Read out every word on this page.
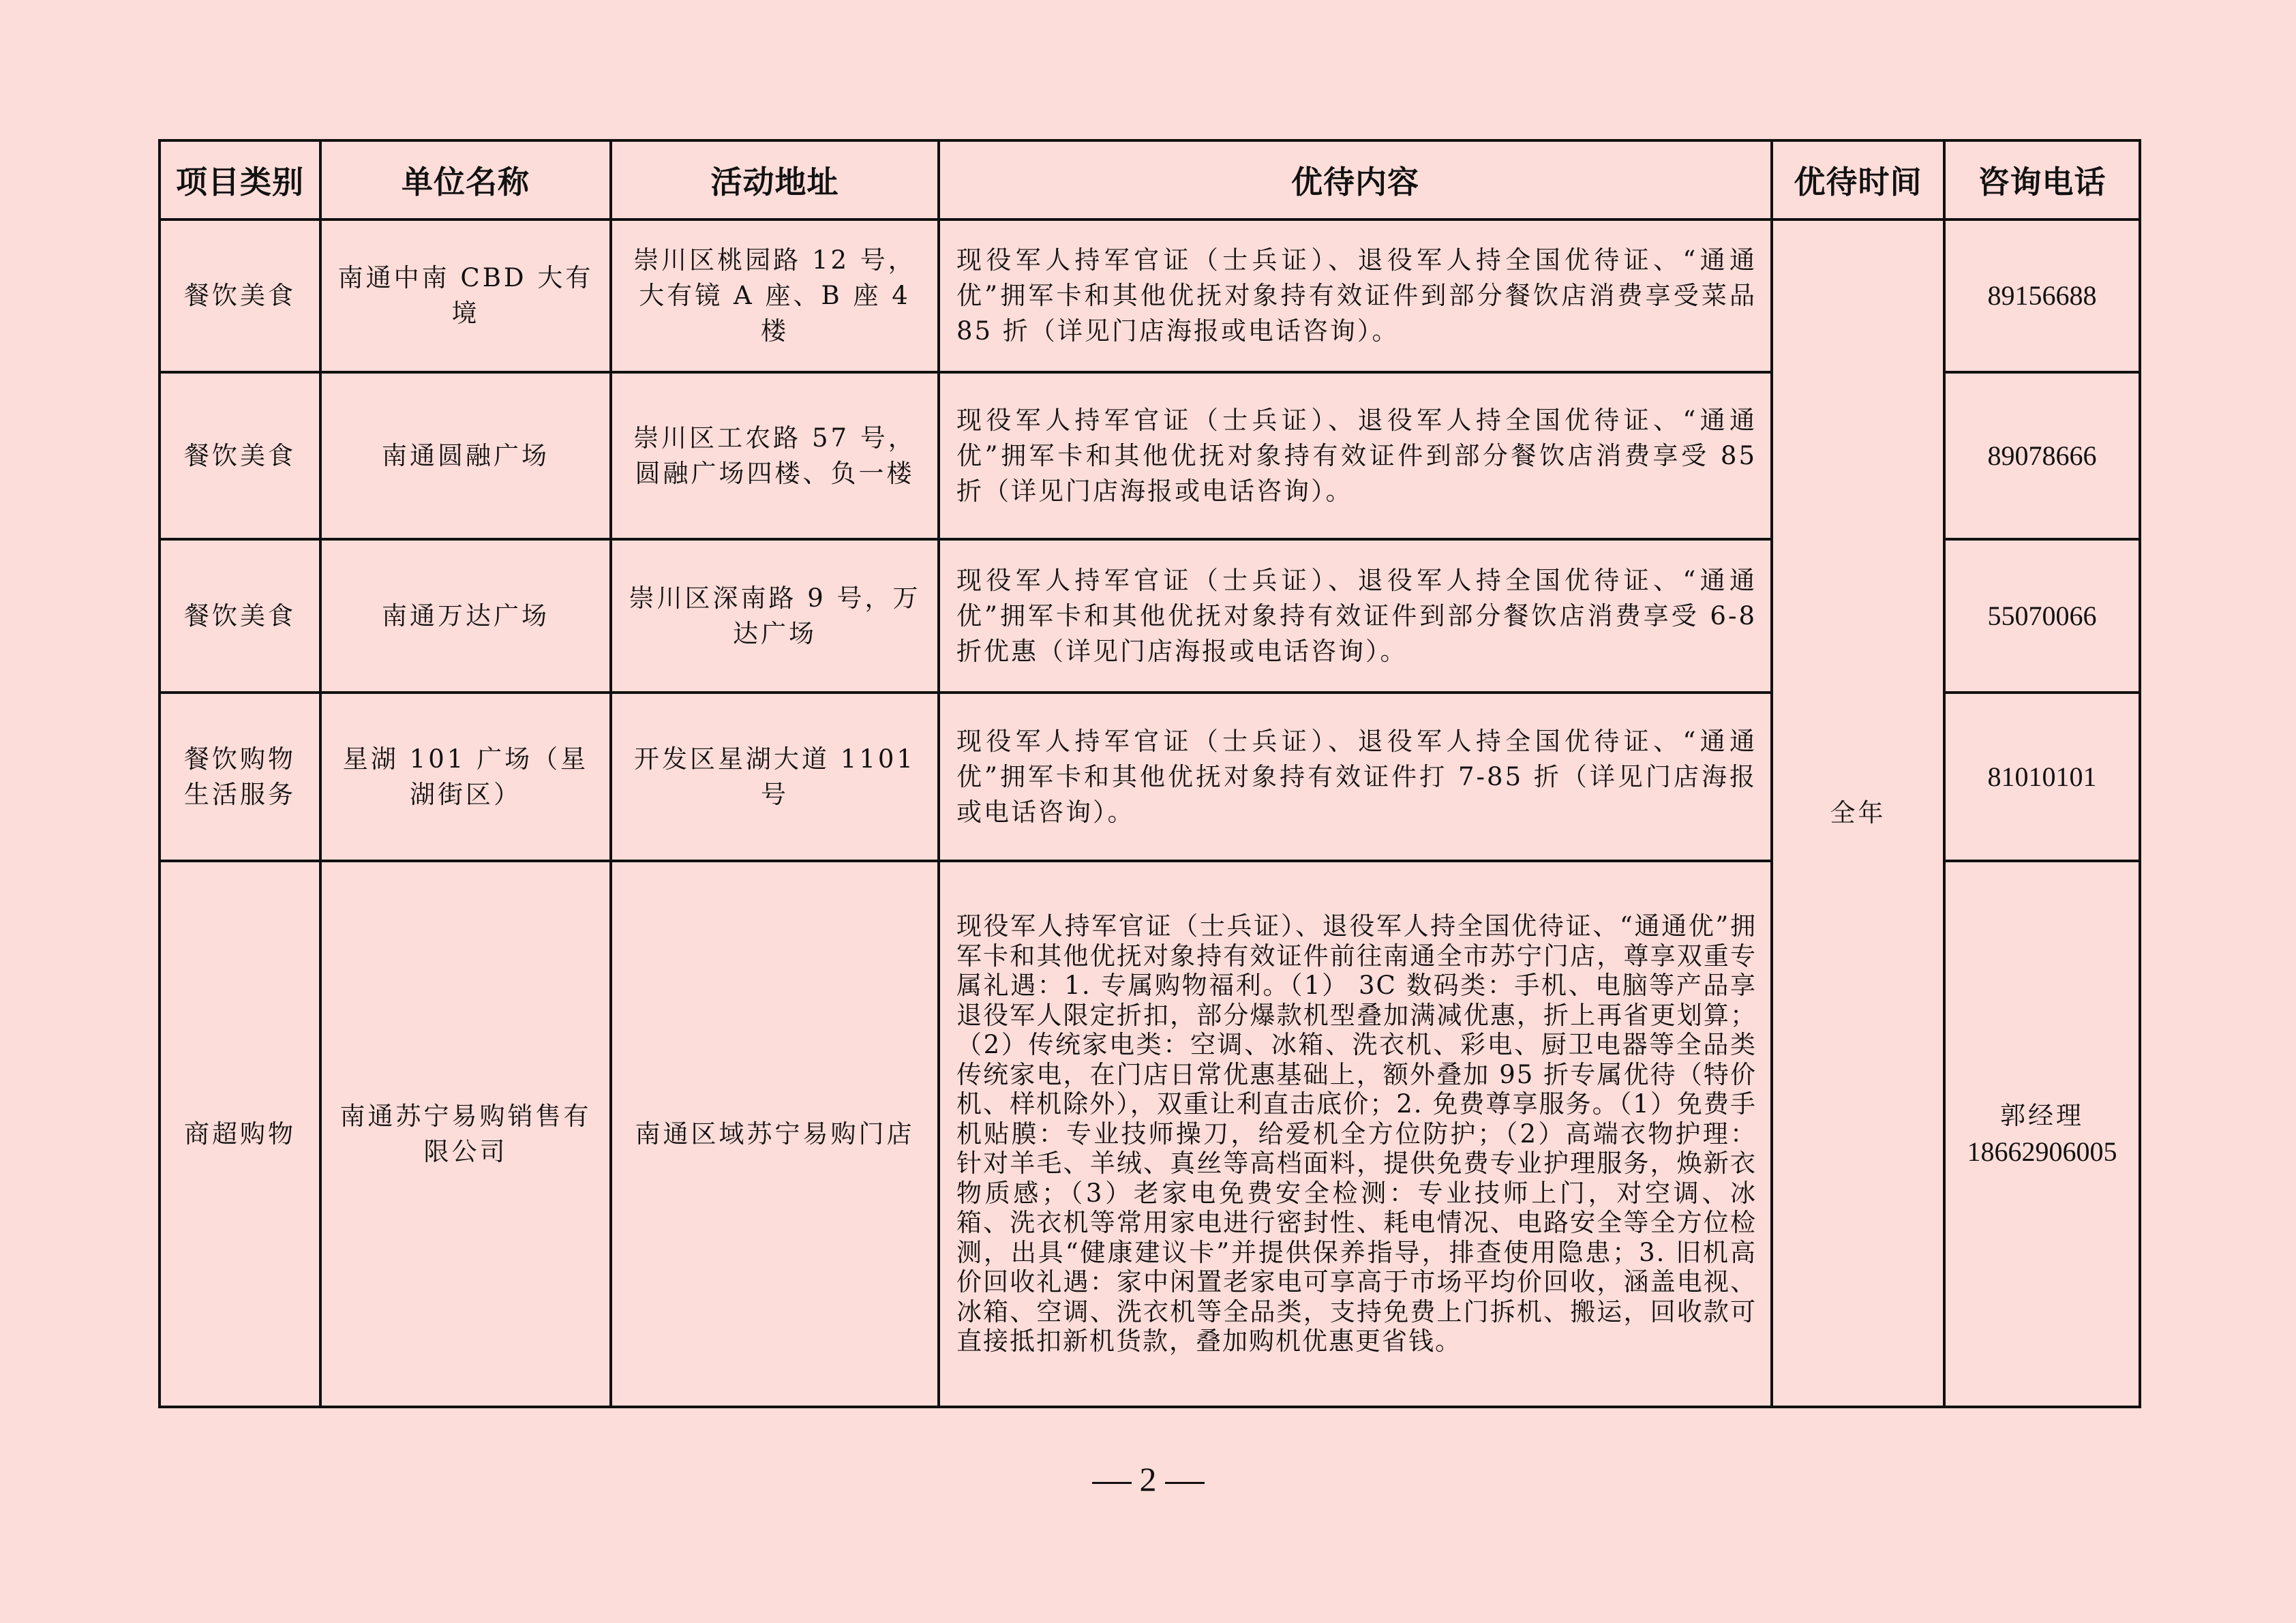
项目类别	单位名称	活动地址	优待内容	优待时间	咨询电话

餐饮美食	南通中南 CBD 大有境	崇川区桃园路 12 号，大有镜 A 座、B 座 4 楼	现役军人持军官证（士兵证）、退役军人持全国优待证、“通通优”拥军卡和其他优抚对象持有效证件到部分餐饮店消费享受菜品 85 折（详见门店海报或电话咨询）。	全年	89156688

餐饮美食	南通圆融广场	崇川区工农路 57 号，圆融广场四楼、负一楼	现役军人持军官证（士兵证）、退役军人持全国优待证、“通通优”拥军卡和其他优抚对象持有效证件到部分餐饮店消费享受 85 折（详见门店海报或电话咨询）。		89078666

餐饮美食	南通万达广场	崇川区深南路 9 号，万达广场	现役军人持军官证（士兵证）、退役军人持全国优待证、“通通优”拥军卡和其他优抚对象持有效证件到部分餐饮店消费享受 6-8 折优惠（详见门店海报或电话咨询）。		55070066

餐饮购物生活服务	星湖 101 广场（星湖街区）	开发区星湖大道 1101 号	现役军人持军官证（士兵证）、退役军人持全国优待证、“通通优”拥军卡和其他优抚对象持有效证件打 7-85 折（详见门店海报或电话咨询）。		81010101

商超购物	南通苏宁易购销售有限公司	南通区域苏宁易购门店	现役军人持军官证（士兵证）、退役军人持全国优待证、“通通优”拥军卡和其他优抚对象持有效证件前往南通全市苏宁门店，尊享双重专属礼遇：1. 专属购物福利。（1） 3C 数码类：手机、电脑等产品享退役军人限定折扣，部分爆款机型叠加满减优惠，折上再省更划算；（2）传统家电类：空调、冰箱、洗衣机、彩电、厨卫电器等全品类传统家电，在门店日常优惠基础上，额外叠加 95 折专属优待（特价机、样机除外），双重让利直击底价；2. 免费尊享服务。（1）免费手机贴膜：专业技师操刀，给爱机全方位防护；（2）高端衣物护理：针对羊毛、羊绒、真丝等高档面料，提供免费专业护理服务，焕新衣物质感；（3）老家电免费安全检测：专业技师上门，对空调、冰箱、洗衣机等常用家电进行密封性、耗电情况、电路安全等全方位检测，出具“健康建议卡”并提供保养指导，排查使用隐患；3. 旧机高价回收礼遇：家中闲置老家电可享高于市场平均价回收，涵盖电视、冰箱、空调、洗衣机等全品类，支持免费上门拆机、搬运，回收款可直接抵扣新机货款，叠加购机优惠更省钱。		郭经理
18662906005
2
